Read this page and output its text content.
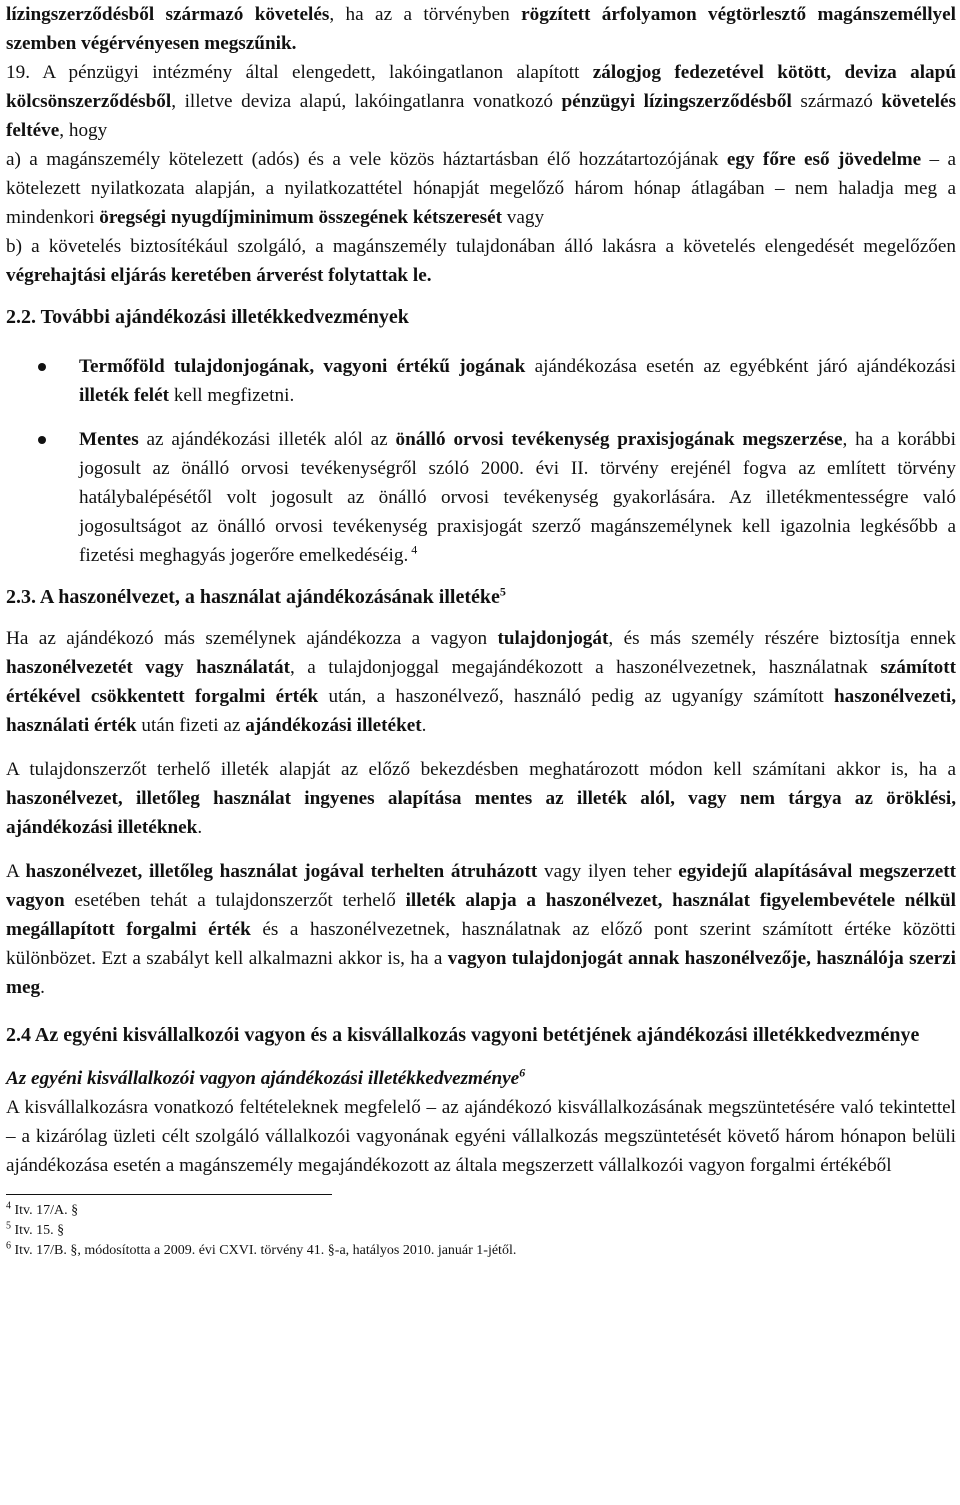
lízingszerződésből származó követelés, ha az a törvényben rögzített árfolyamon végtörlesztő magánszeméllyel szemben végérvényesen megszűnik.

19. A pénzügyi intézmény által elengedett, lakóingatlanon alapított zálogjog fedezetével kötött, deviza alapú kölcsönszerződésből, illetve deviza alapú, lakóingatlanra vonatkozó pénzügyi lízingszerződésből származó követelés feltéve, hogy

a) a magánszemély kötelezett (adós) és a vele közös háztartásban élő hozzátartozójának egy főre eső jövedelme – a kötelezett nyilatkozata alapján, a nyilatkozattétel hónapját megelőző három hónap átlagában – nem haladja meg a mindenkori öregségi nyugdíjminimum összegének kétszeresét vagy

b) a követelés biztosítékául szolgáló, a magánszemély tulajdonában álló lakásra a követelés elengedését megelőzően végrehajtási eljárás keretében árverést folytattak le.

2.2. További ajándékozási illetékkedvezmények
Termőföld tulajdonjogának, vagyoni értékű jogának ajándékozása esetén az egyébként járó ajándékozási illeték felét kell megfizetni.
Mentes az ajándékozási illeték alól az önálló orvosi tevékenység praxisjogának megszerzése, ha a korábbi jogosult az önálló orvosi tevékenységről szóló 2000. évi II. törvény erejénél fogva az említett törvény hatálybalépésétől volt jogosult az önálló orvosi tevékenység gyakorlására. Az illetékmentességre való jogosultságot az önálló orvosi tevékenység praxisjogát szerző magánszemélynek kell igazolnia legkésőbb a fizetési meghagyás jogerőre emelkedéséig. $^4$
2.3. A haszonélvezet, a használat ajándékozásának illetéke$^5$

Ha az ajándékozó más személynek ajándékozza a vagyon tulajdonjogát, és más személy részére biztosítja ennek haszonélvezetét vagy használatát, a tulajdonjoggal megajándékozott a haszonélvezetnek, használatnak számított értékével csökkentett forgalmi érték után, a haszonélvező, használó pedig az ugyanígy számított haszonélvezeti, használati érték után fizeti az ajándékozási illetéket.

A tulajdonszerzőt terhelő illeték alapját az előző bekezdésben meghatározott módon kell számítani akkor is, ha a haszonélvezet, illetőleg használat ingyenes alapítása mentes az illeték alól, vagy nem tárgya az öröklési, ajándékozási illetéknek.

A haszonélvezet, illetőleg használat jogával terhelten átruházott vagy ilyen teher egyidejű alapításával megszerzett vagyon esetében tehát a tulajdonszerzőt terhelő illeték alapja a haszonélvezet, használat figyelembevétele nélkül megállapított forgalmi érték és a haszonélvezetnek, használatnak az előző pont szerint számított értéke közötti különbözet. Ezt a szabályt kell alkalmazni akkor is, ha a vagyon tulajdonjogát annak haszonélvezője, használója szerzi meg.

2.4 Az egyéni kisvállalkozói vagyon és a kisvállalkozás vagyoni betétjének ajándékozási illetékkedvezménye

Az egyéni kisvállalkozói vagyon ajándékozási illetékkedvezménye$^6$

A kisvállalkozásra vonatkozó feltételeknek megfelelő – az ajándékozó kisvállalkozásának megszüntetésére való tekintettel – a kizárólag üzleti célt szolgáló vállalkozói vagyonának egyéni vállalkozás megszüntetését követő három hónapon belüli ajándékozása esetén a magánszemély megajándékozott az általa megszerzett vállalkozói vagyon forgalmi értékéből

$^4$ Itv. 17/A. §
$^5$ Itv. 15. §
$^6$ Itv. 17/B. §, módosította a 2009. évi CXVI. törvény 41. §-a, hatályos 2010. január 1-jétől.
